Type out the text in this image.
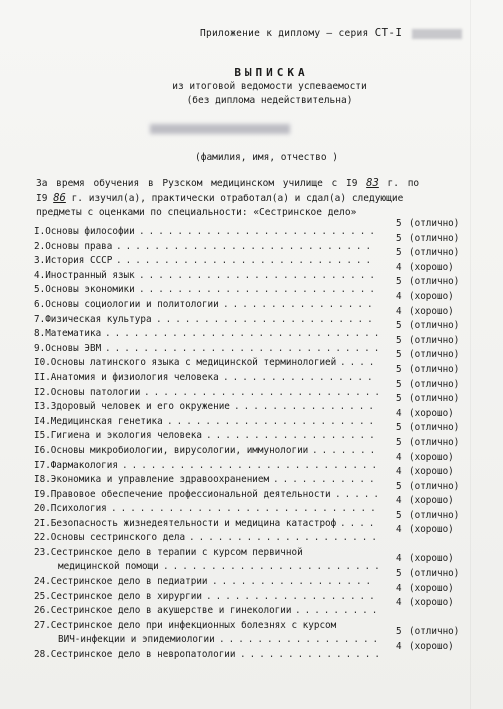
Приложение к диплому — серия СТ-I
ВЫПИСКА
из итоговой ведомости успеваемости
(без диплома недействительна)
(фамилия, имя, отчество )
За время обучения в Рузском медицинском училище с I9 83 г. по
I9 86 г. изучил(а), практически отработал(а) и сдал(а) следующие
предметы с оценками по специальности: «Сестринское дело»
I.Основы философии .........................
5 (отлично)
2.Основы права ...........................
5 (отлично)
3.История СССР ...........................
5 (отлично)
4.Иностранный язык .........................
4 (хорошо)
5.Основы экономики .........................
5 (отлично)
6.Основы социологии и политологии ................
4 (хорошо)
7.Физическая культура .......................
4 (хорошо)
8.Математика .............................
5 (отлично)
9.Основы ЭВМ .............................
5 (отлично)
I0.Основы латинского языка с медицинской терминологией ....
5 (отлично)
II.Анатомия и физиология человека ................
5 (отлично)
I2.Основы патологии .........................
5 (отлично)
I3.Здоровый человек и его окружение ...............
5 (отлично)
I4.Медицинская генетика ......................
4 (хорошо)
I5.Гигиена и экология человека ..................
5 (отлично)
I6.Основы микробиологии, вирусологии, иммунологии .......
5 (отлично)
I7.Фармакология ...........................
4 (хорошо)
I8.Экономика и управление здравоохранением ...........
4 (хорошо)
I9.Правовое обеспечение профессиональной деятельности .....
5 (отлично)
20.Психология ............................
4 (хорошо)
2I.Безопасность жизнедеятельности и медицина катастроф ....
5 (отлично)
22.Основы сестринского дела ....................
4 (хорошо)
23.Сестринское дело в терапии с курсом первичной
медицинской помощи .......................
4 (хорошо)
24.Сестринское дело в педиатрии .................
5 (отлично)
25.Сестринское дело в хирургии ..................
4 (хорошо)
26.Сестринское дело в акушерстве и гинекологии .........
4 (хорошо)
27.Сестринское дело при инфекционных болезнях с курсом
ВИЧ-инфекции и эпидемиологии .................
5 (отлично)
28.Сестринское дело в невропатологии ...............
4 (хорошо)
